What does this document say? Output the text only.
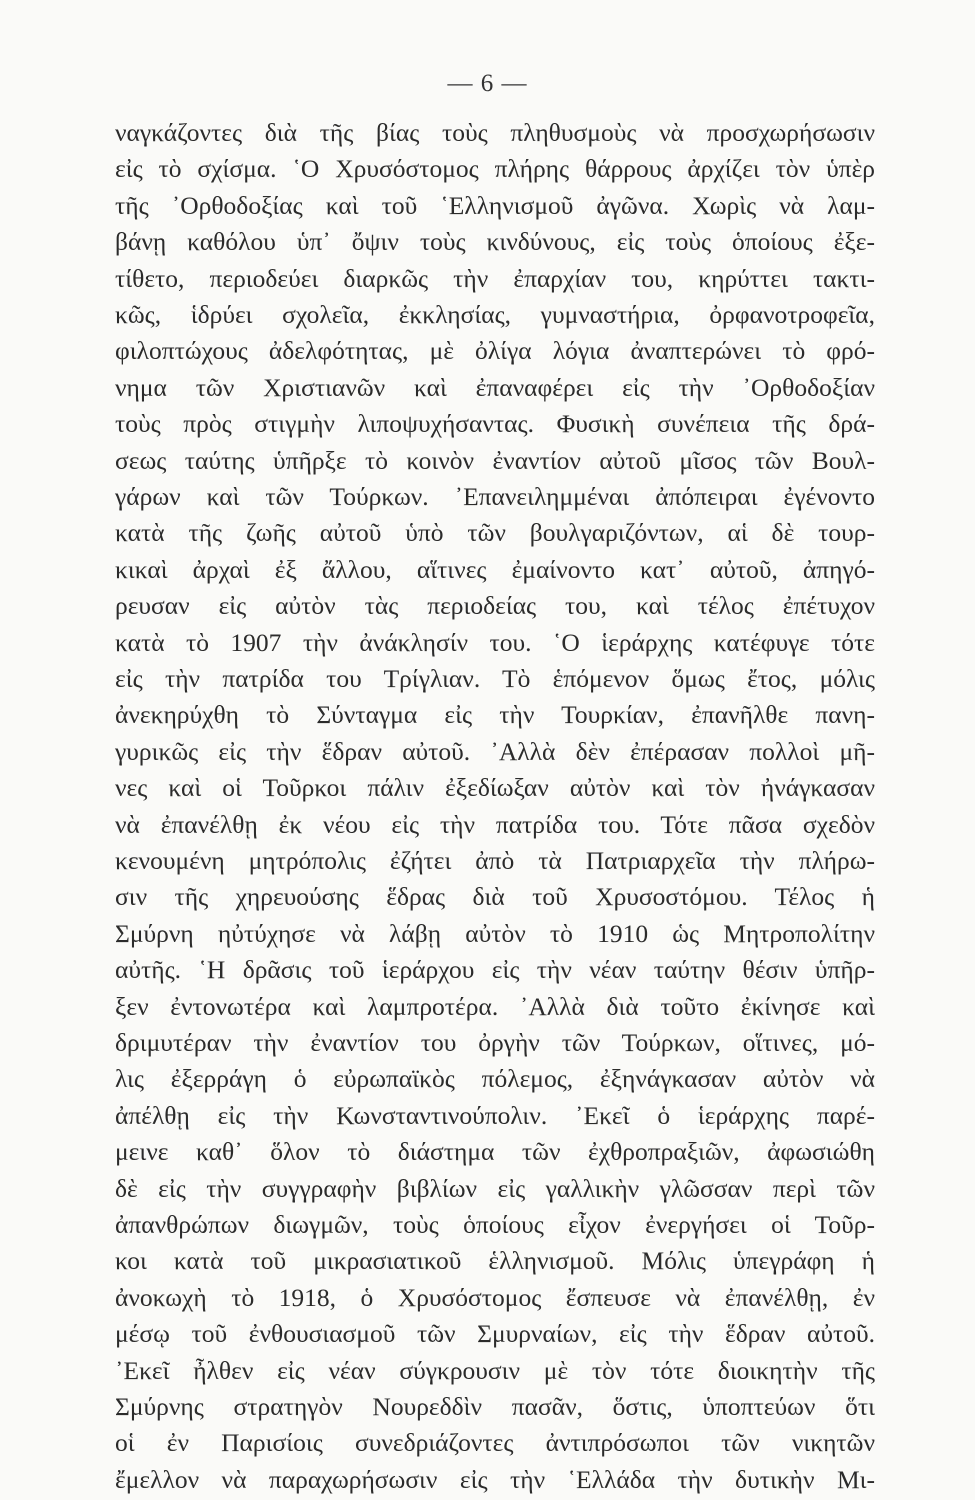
— 6 —
ναγκάζοντες διὰ τῆς βίας τοὺς πληθυσμοὺς νὰ προσχωρήσωσιν
εἰς τὸ σχίσμα. ῾Ο Χρυσόστομος πλήρης θάρρους ἀρχίζει τὸν ὑπὲρ
τῆς ᾿Ορθοδοξίας καὶ τοῦ ῾Ελληνισμοῦ ἀγῶνα. Χωρὶς νὰ λαμ-
βάνῃ καθόλου ὑπ᾿ ὄψιν τοὺς κινδύνους, εἰς τοὺς ὁποίους ἐξε-
τίθετο, περιοδεύει διαρκῶς τὴν ἐπαρχίαν του, κηρύττει τακτι-
κῶς, ἱδρύει σχολεῖα, ἐκκλησίας, γυμναστήρια, ὀρφανοτροφεῖα,
φιλοπτώχους ἀδελφότητας, μὲ ὀλίγα λόγια ἀναπτερώνει τὸ φρό-
νημα τῶν Χριστιανῶν καὶ ἐπαναφέρει εἰς τὴν ᾿Ορθοδοξίαν
τοὺς πρὸς στιγμὴν λιποψυχήσαντας. Φυσικὴ συνέπεια τῆς δρά-
σεως ταύτης ὑπῆρξε τὸ κοινὸν ἐναντίον αὐτοῦ μῖσος τῶν Βουλ-
γάρων καὶ τῶν Τούρκων. ᾿Επανειλημμέναι ἀπόπειραι ἐγένοντο
κατὰ τῆς ζωῆς αὐτοῦ ὑπὸ τῶν βουλγαριζόντων, αἱ δὲ τουρ-
κικαὶ ἀρχαὶ ἐξ ἄλλου, αἵτινες ἐμαίνοντο κατ᾿ αὐτοῦ, ἀπηγό-
ρευσαν εἰς αὐτὸν τὰς περιοδείας του, καὶ τέλος ἐπέτυχον
κατὰ τὸ 1907 τὴν ἀνάκλησίν του. ῾Ο ἱεράρχης κατέφυγε τότε
εἰς τὴν πατρίδα του Τρίγλιαν. Τὸ ἑπόμενον ὅμως ἔτος, μόλις
ἀνεκηρύχθη τὸ Σύνταγμα εἰς τὴν Τουρκίαν, ἐπανῆλθε πανη-
γυρικῶς εἰς τὴν ἕδραν αὐτοῦ. ᾿Αλλὰ δὲν ἐπέρασαν πολλοὶ μῆ-
νες καὶ οἱ Τοῦρκοι πάλιν ἐξεδίωξαν αὐτὸν καὶ τὸν ἠνάγκασαν
νὰ ἐπανέλθῃ ἐκ νέου εἰς τὴν πατρίδα του. Τότε πᾶσα σχεδὸν
κενουμένη μητρόπολις ἐζήτει ἀπὸ τὰ Πατριαρχεῖα τὴν πλήρω-
σιν τῆς χηρευούσης ἕδρας διὰ τοῦ Χρυσοστόμου. Τέλος ἡ
Σμύρνη ηὐτύχησε νὰ λάβῃ αὐτὸν τὸ 1910 ὡς Μητροπολίτην
αὐτῆς. ῾Η δρᾶσις τοῦ ἱεράρχου εἰς τὴν νέαν ταύτην θέσιν ὑπῆρ-
ξεν ἐντονωτέρα καὶ λαμπροτέρα. ᾿Αλλὰ διὰ τοῦτο ἐκίνησε καὶ
δριμυτέραν τὴν ἐναντίον του ὀργὴν τῶν Τούρκων, οἵτινες, μό-
λις ἐξερράγη ὁ εὐρωπαϊκὸς πόλεμος, ἐξηνάγκασαν αὐτὸν νὰ
ἀπέλθῃ εἰς τὴν Κωνσταντινούπολιν. ᾿Εκεῖ ὁ ἱεράρχης παρέ-
μεινε καθ᾿ ὅλον τὸ διάστημα τῶν ἐχθροπραξιῶν, ἀφωσιώθη
δὲ εἰς τὴν συγγραφὴν βιβλίων εἰς γαλλικὴν γλῶσσαν περὶ τῶν
ἀπανθρώπων διωγμῶν, τοὺς ὁποίους εἶχον ἐνεργήσει οἱ Τοῦρ-
κοι κατὰ τοῦ μικρασιατικοῦ ἑλληνισμοῦ. Μόλις ὑπεγράφη ἡ
ἀνοκωχὴ τὸ 1918, ὁ Χρυσόστομος ἔσπευσε νὰ ἐπανέλθῃ, ἐν
μέσῳ τοῦ ἐνθουσιασμοῦ τῶν Σμυρναίων, εἰς τὴν ἕδραν αὐτοῦ.
᾿Εκεῖ ἦλθεν εἰς νέαν σύγκρουσιν μὲ τὸν τότε διοικητὴν τῆς
Σμύρνης στρατηγὸν Νουρεδδὶν πασᾶν, ὅστις, ὑποπτεύων ὅτι
οἱ ἐν Παρισίοις συνεδριάζοντες ἀντιπρόσωποι τῶν νικητῶν
ἔμελλον νὰ παραχωρήσωσιν εἰς τὴν ῾Ελλάδα τὴν δυτικὴν Μι-
